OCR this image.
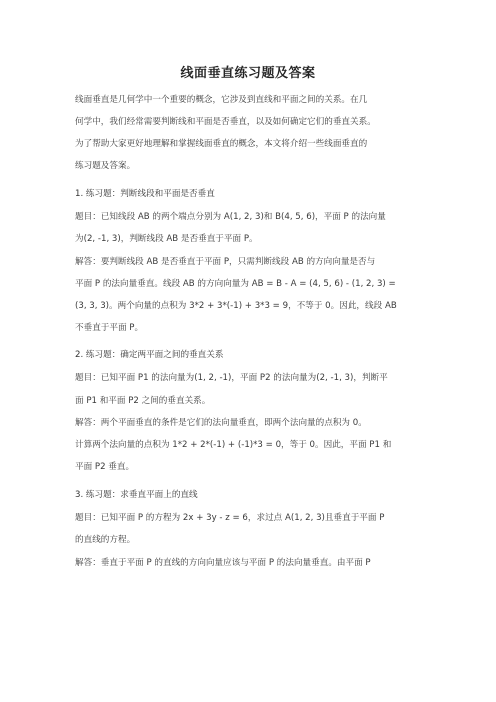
线面垂直练习题及答案
线面垂直是几何学中一个重要的概念，它涉及到直线和平面之间的关系。在几
何学中，我们经常需要判断线和平面是否垂直，以及如何确定它们的垂直关系。
为了帮助大家更好地理解和掌握线面垂直的概念，本文将介绍一些线面垂直的
练习题及答案。
1. 练习题：判断线段和平面是否垂直
题目：已知线段 AB 的两个端点分别为 A(1, 2, 3)和 B(4, 5, 6)，平面 P 的法向量
为(2, -1, 3)，判断线段 AB 是否垂直于平面 P。
解答：要判断线段 AB 是否垂直于平面 P，只需判断线段 AB 的方向向量是否与
平面 P 的法向量垂直。线段 AB 的方向向量为 AB = B - A = (4, 5, 6) - (1, 2, 3) =
(3, 3, 3)。两个向量的点积为 3*2 + 3*(-1) + 3*3 = 9，不等于 0。因此，线段 AB
不垂直于平面 P。
2. 练习题：确定两平面之间的垂直关系
题目：已知平面 P1 的法向量为(1, 2, -1)，平面 P2 的法向量为(2, -1, 3)，判断平
面 P1 和平面 P2 之间的垂直关系。
解答：两个平面垂直的条件是它们的法向量垂直，即两个法向量的点积为 0。
计算两个法向量的点积为 1*2 + 2*(-1) + (-1)*3 = 0，等于 0。因此，平面 P1 和
平面 P2 垂直。
3. 练习题：求垂直平面上的直线
题目：已知平面 P 的方程为 2x + 3y - z = 6，求过点 A(1, 2, 3)且垂直于平面 P
的直线的方程。
解答：垂直于平面 P 的直线的方向向量应该与平面 P 的法向量垂直。由平面 P
